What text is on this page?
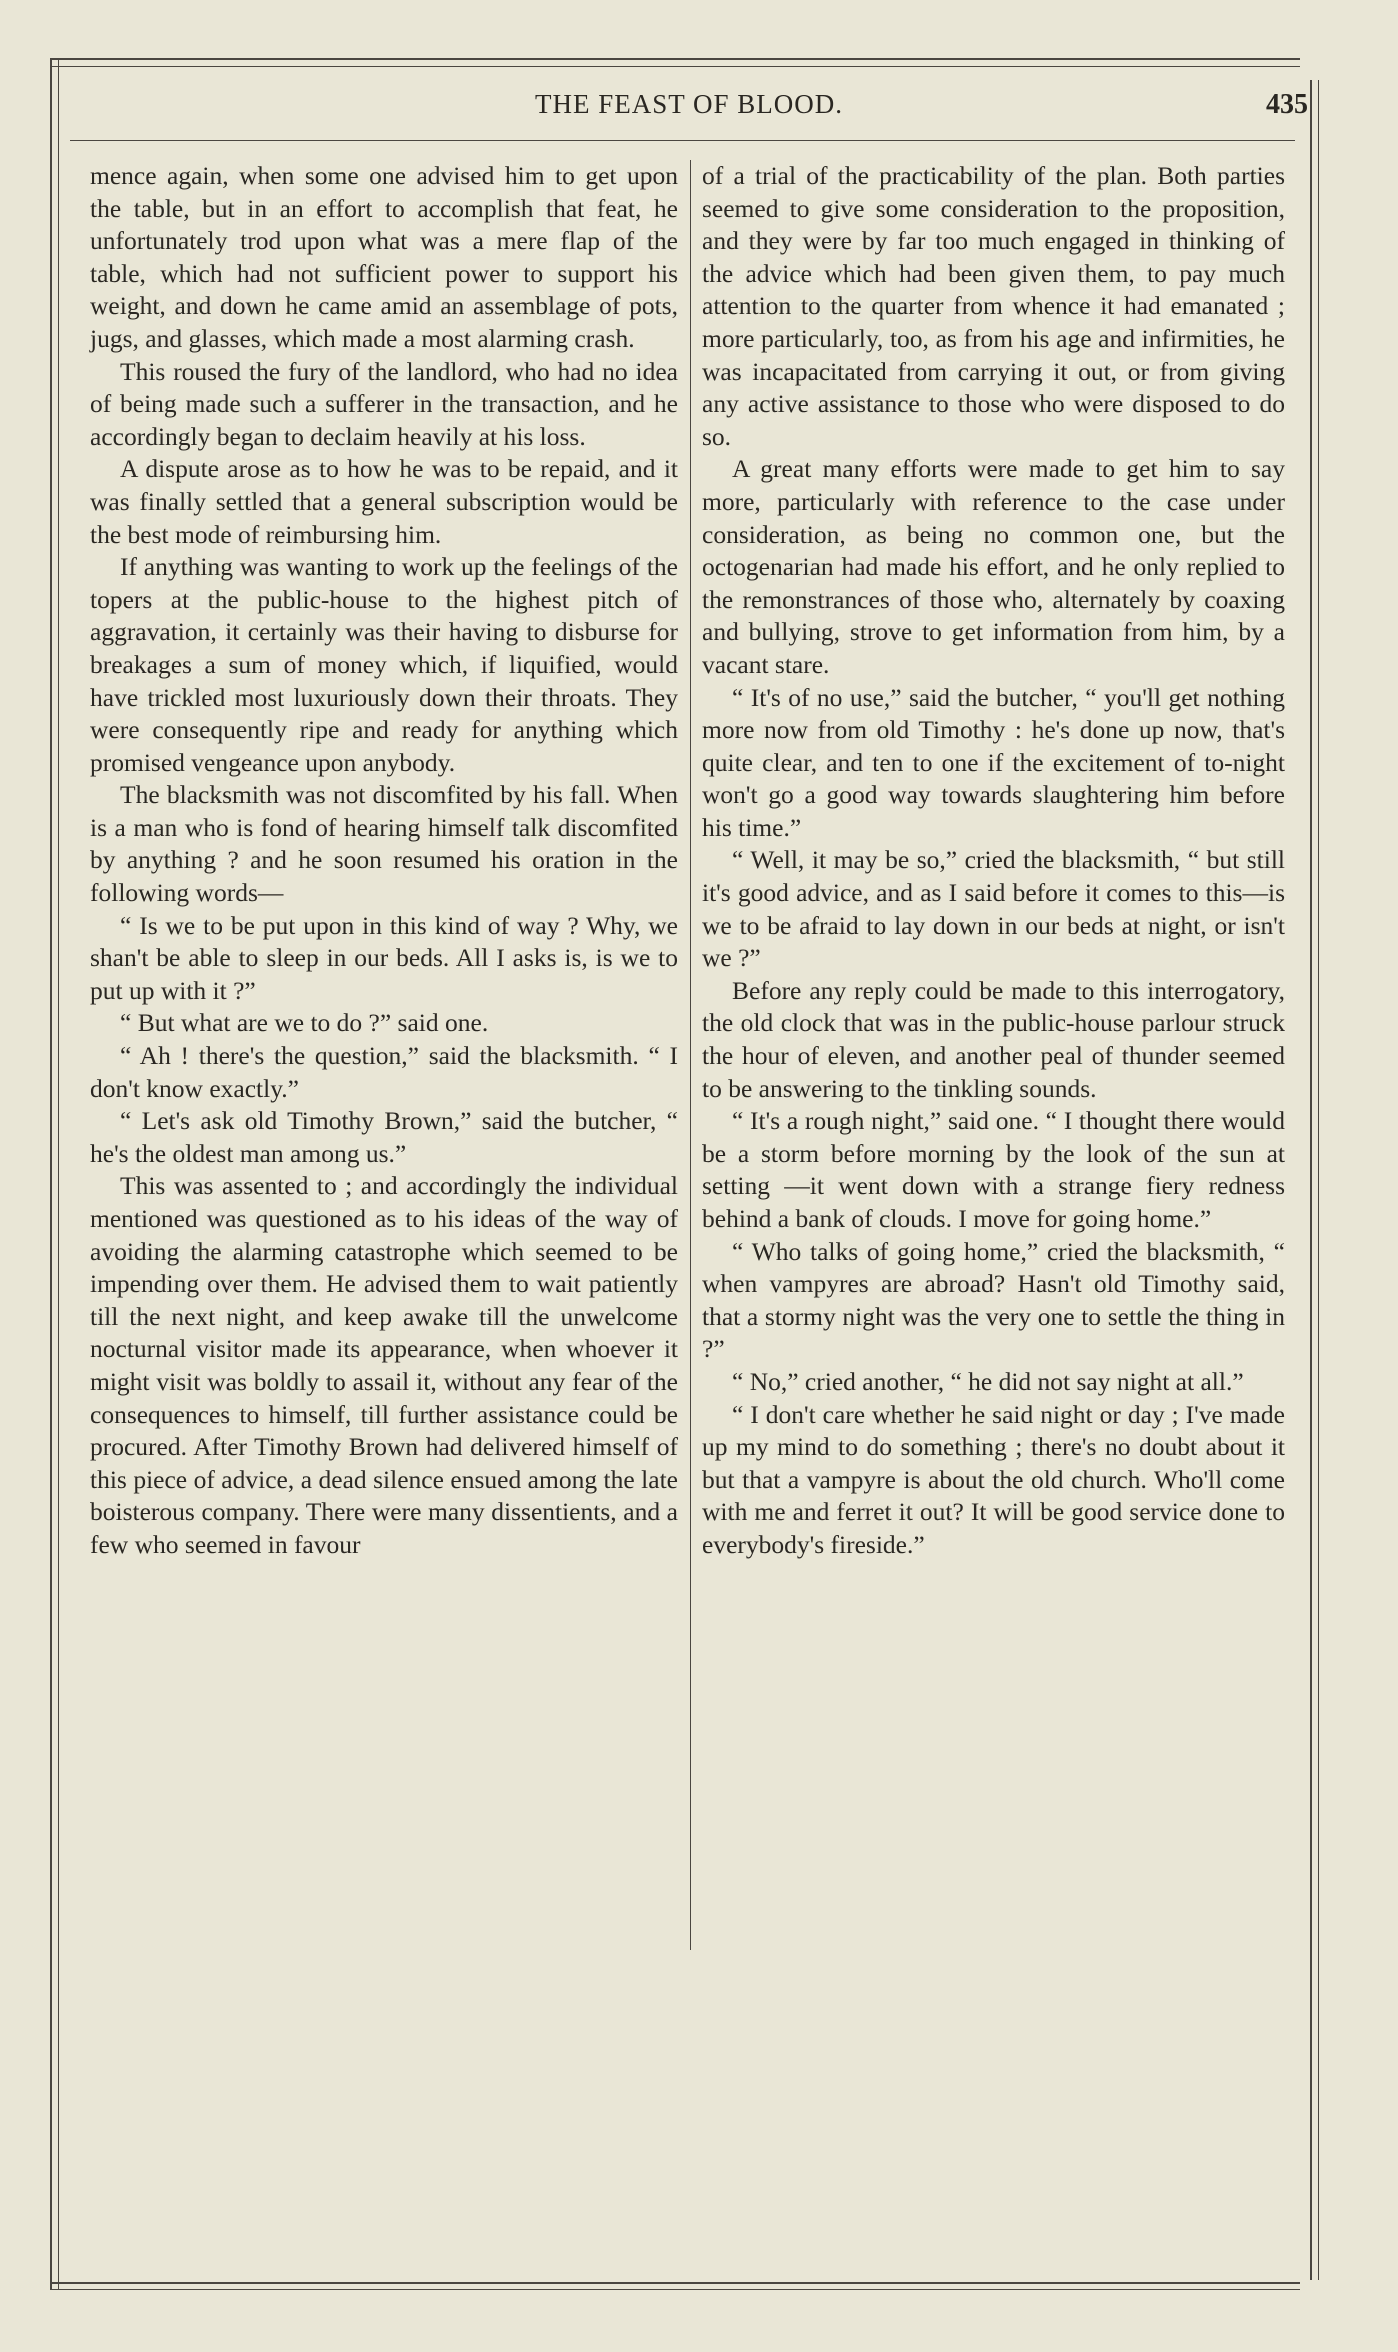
THE FEAST OF BLOOD.	435

mence again, when some one advised him to get upon the table, but in an effort to accomplish that feat, he unfortunately trod upon what was a mere flap of the table, which had not sufficient power to support his weight, and down he came amid an assemblage of pots, jugs, and glasses, which made a most alarming crash.

This roused the fury of the landlord, who had no idea of being made such a sufferer in the transaction, and he accordingly began to declaim heavily at his loss.

A dispute arose as to how he was to be repaid, and it was finally settled that a general subscription would be the best mode of reimbursing him.

If anything was wanting to work up the feelings of the topers at the public-house to the highest pitch of aggravation, it certainly was their having to disburse for breakages a sum of money which, if liquified, would have trickled most luxuriously down their throats. They were consequently ripe and ready for anything which promised vengeance upon anybody.

The blacksmith was not discomfited by his fall. When is a man who is fond of hearing himself talk discomfited by anything ? and he soon resumed his oration in the following words—

“ Is we to be put upon in this kind of way ? Why, we shan't be able to sleep in our beds. All I asks is, is we to put up with it ?”

“ But what are we to do ?” said one.

“ Ah ! there's the question,” said the blacksmith. “ I don't know exactly.”

“ Let's ask old Timothy Brown,” said the butcher, “ he's the oldest man among us.”

This was assented to ; and accordingly the individual mentioned was questioned as to his ideas of the way of avoiding the alarming catastrophe which seemed to be impending over them. He advised them to wait patiently till the next night, and keep awake till the unwelcome nocturnal visitor made its appearance, when whoever it might visit was boldly to assail it, without any fear of the consequences to himself, till further assistance could be procured. After Timothy Brown had delivered himself of this piece of advice, a dead silence ensued among the late boisterous company. There were many dissentients, and a few who seemed in favour

of a trial of the practicability of the plan. Both parties seemed to give some consideration to the proposition, and they were by far too much engaged in thinking of the advice which had been given them, to pay much attention to the quarter from whence it had emanated ; more particularly, too, as from his age and infirmities, he was incapacitated from carrying it out, or from giving any active assistance to those who were disposed to do so.

A great many efforts were made to get him to say more, particularly with reference to the case under consideration, as being no common one, but the octogenarian had made his effort, and he only replied to the remonstrances of those who, alternately by coaxing and bullying, strove to get information from him, by a vacant stare.

“ It's of no use,” said the butcher, “ you'll get nothing more now from old Timothy : he's done up now, that's quite clear, and ten to one if the excitement of to-night won't go a good way towards slaughtering him before his time.”

“ Well, it may be so,” cried the blacksmith, “ but still it's good advice, and as I said before it comes to this—is we to be afraid to lay down in our beds at night, or isn't we ?”

Before any reply could be made to this interrogatory, the old clock that was in the public-house parlour struck the hour of eleven, and another peal of thunder seemed to be answering to the tinkling sounds.

“ It's a rough night,” said one. “ I thought there would be a storm before morning by the look of the sun at setting —it went down with a strange fiery redness behind a bank of clouds. I move for going home.”

“ Who talks of going home,” cried the blacksmith, “ when vampyres are abroad? Hasn't old Timothy said, that a stormy night was the very one to settle the thing in ?”

“ No,” cried another, “ he did not say night at all.”

“ I don't care whether he said night or day ; I've made up my mind to do something ; there's no doubt about it but that a vampyre is about the old church. Who'll come with me and ferret it out? It will be good service done to everybody's fireside.”
